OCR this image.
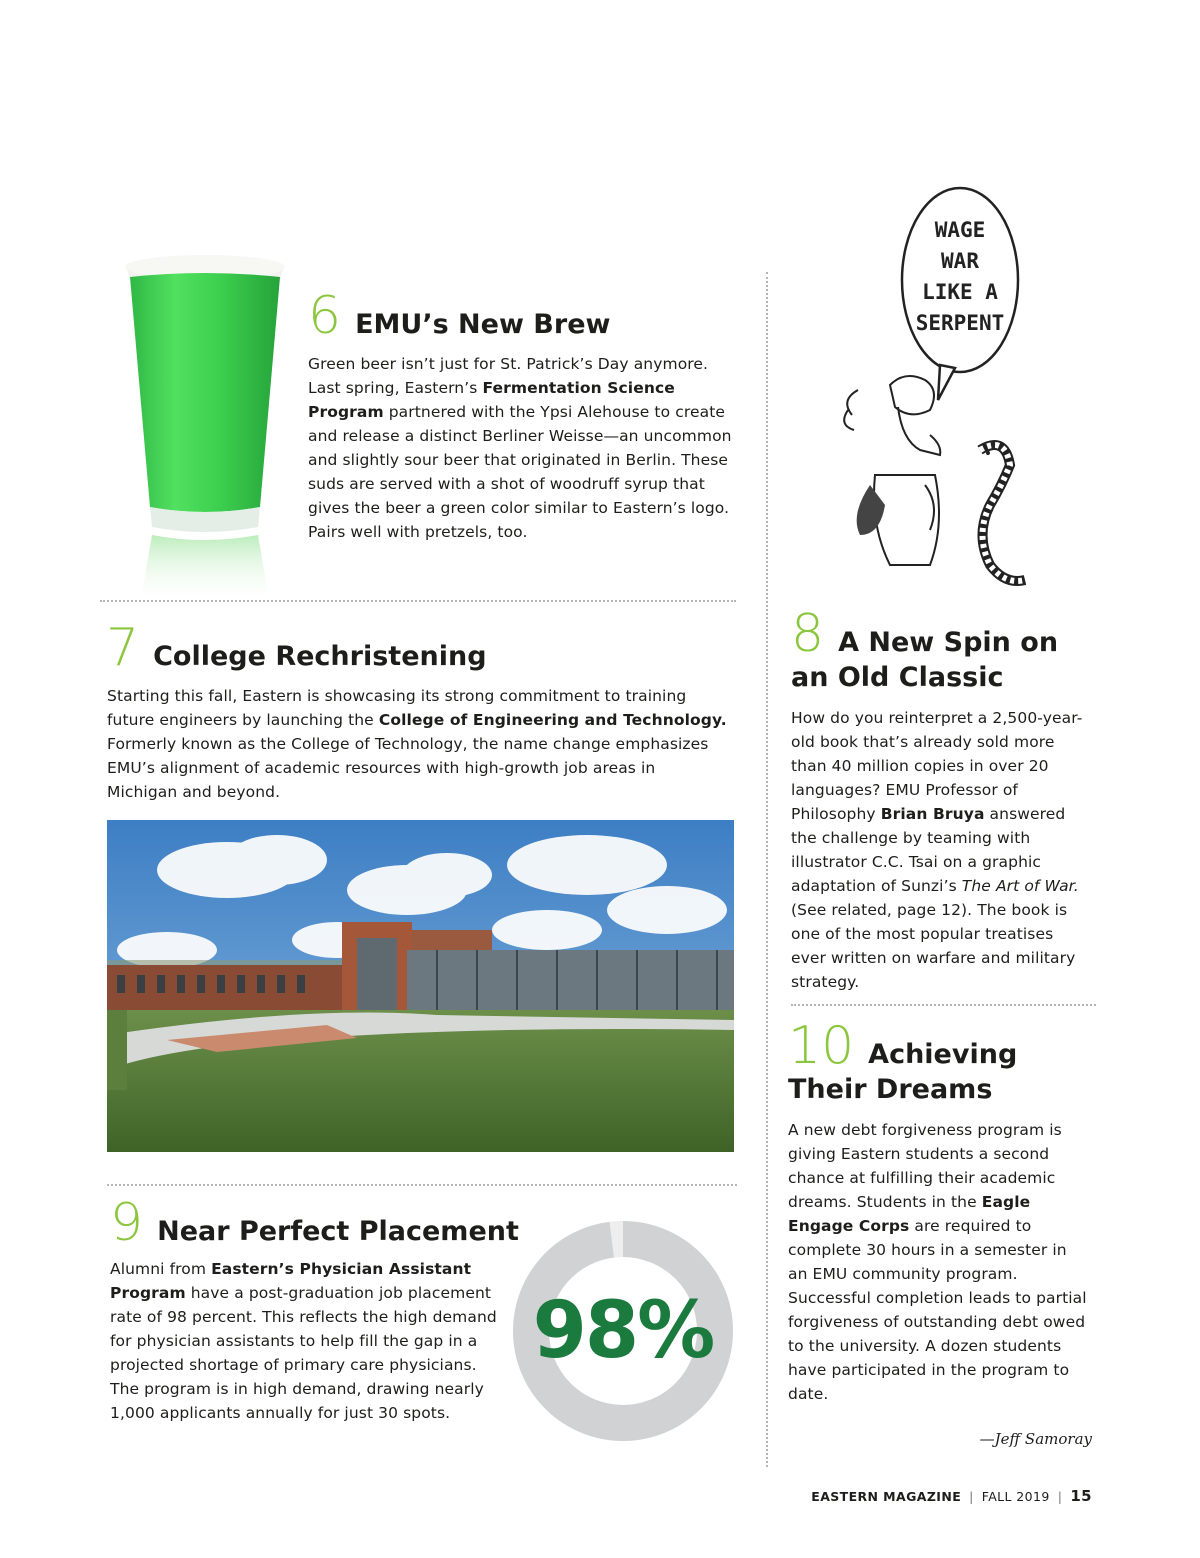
6 EMU’s New Brew
Green beer isn’t just for St. Patrick’s Day anymore. Last spring, Eastern’s Fermentation Science Program partnered with the Ypsi Alehouse to create and release a distinct Berliner Weisse—an uncommon and slightly sour beer that originated in Berlin. These suds are served with a shot of woodruff syrup that gives the beer a green color similar to Eastern’s logo. Pairs well with pretzels, too.
7 College Rechristening
Starting this fall, Eastern is showcasing its strong commitment to training future engineers by launching the College of Engineering and Technology. Formerly known as the College of Technology, the name change emphasizes EMU’s alignment of academic resources with high-growth job areas in Michigan and beyond.
9 Near Perfect Placement
Alumni from Eastern’s Physician Assistant Program have a post-graduation job placement rate of 98 percent. This reflects the high demand for physician assistants to help fill the gap in a projected shortage of primary care physicians. The program is in high demand, drawing nearly 1,000 applicants annually for just 30 spots.
98%
WAGE
WAR
LIKE A
SERPENT
8 A New Spin on
an Old Classic
How do you reinterpret a 2,500-year-old book that’s already sold more than 40 million copies in over 20 languages? EMU Professor of Philosophy Brian Bruya answered the challenge by teaming with illustrator C.C. Tsai on a graphic adaptation of Sunzi’s The Art of War. (See related, page 12). The book is one of the most popular treatises ever written on warfare and military strategy.
10 Achieving
Their Dreams
A new debt forgiveness program is giving Eastern students a second chance at fulfilling their academic dreams. Students in the Eagle Engage Corps are required to complete 30 hours in a semester in an EMU community program. Successful completion leads to partial forgiveness of outstanding debt owed to the university. A dozen students have participated in the program to date.
—Jeff Samoray
EASTERN MAGAZINE | FALL 2019 | 15
